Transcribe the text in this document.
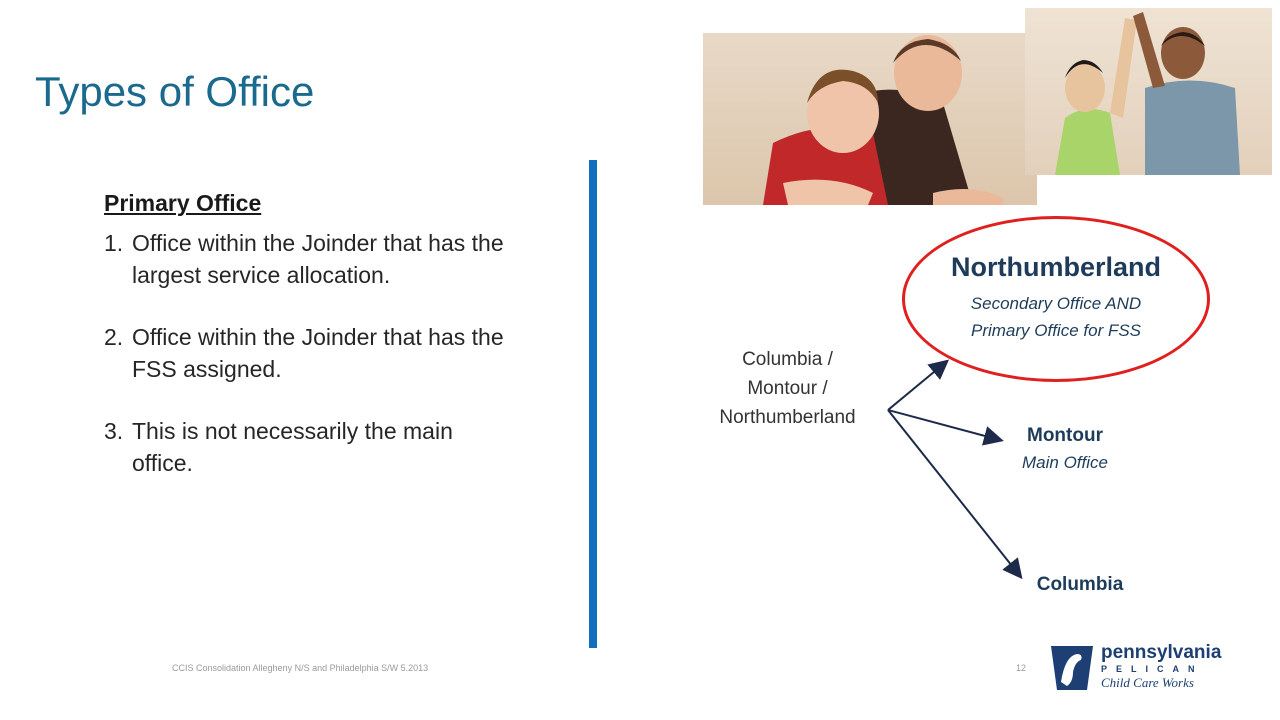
Types of Office

Primary Office

1. Office within the Joinder that has the largest service allocation.
2. Office within the Joinder that has the FSS assigned.
3. This is not necessarily the main office.
Columbia /
Montour /
Northumberland
Northumberland
Secondary Office AND
Primary Office for FSS
Montour
Main Office
Columbia
CCIS Consolidation Allegheny N/S and Philadelphia S/W 5.2013	12
pennsylvania
PELICAN
Child Care Works
